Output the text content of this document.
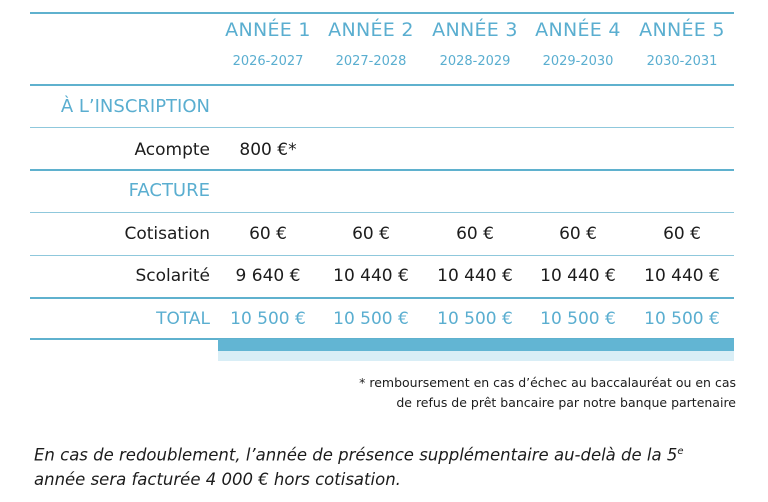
ANNÉE 1 ANNÉE 2 ANNÉE 3 ANNÉE 4 ANNÉE 5
2026-2027	2027-2028	2028-2029	2029-2030	2030-2031
À L’INSCRIPTION
Acompte	800 €*
FACTURE
Cotisation	60 €	60 €	60 €	60 €	60 €
Scolarité	9 640 €	10 440 €	10 440 €	10 440 €	10 440 €
TOTAL	10 500 €	10 500 €	10 500 €	10 500 €	10 500 €
* remboursement en cas d’échec au baccalauréat ou en cas
de refus de prêt bancaire par notre banque partenaire
En cas de redoublement, l’année de présence supplémentaire au-delà de la 5e
année sera facturée 4 000 € hors cotisation.
